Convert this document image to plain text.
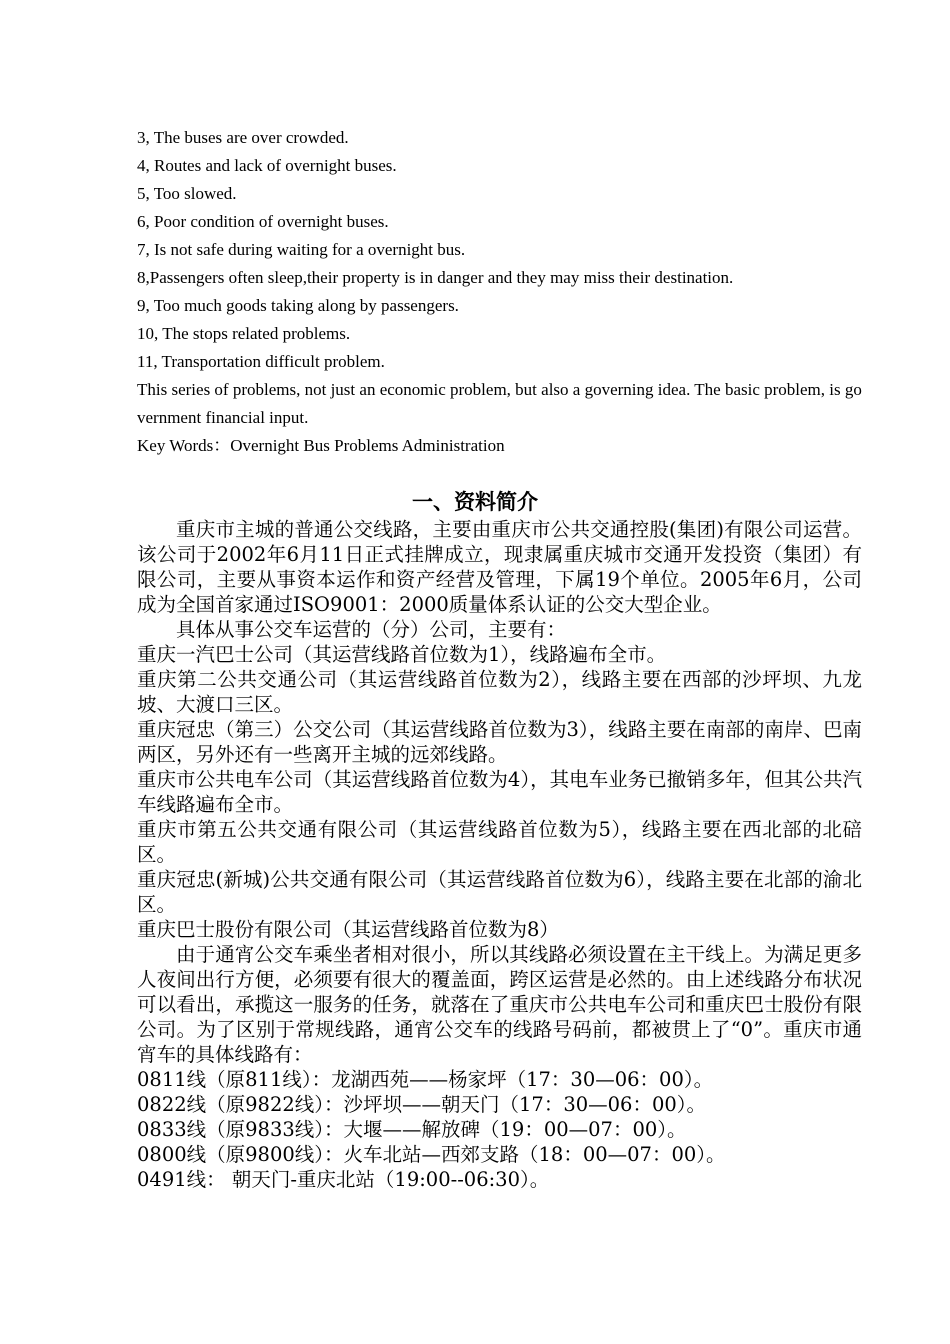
3, The buses are over crowded.

4, Routes and lack of overnight buses.

5, Too slowed.

6, Poor condition of overnight buses.

7, Is not safe during waiting for a overnight bus.

8,Passengers often sleep,their property is in danger and they may miss their destination.

9, Too much goods taking along by passengers.

10, The stops related problems.

11, Transportation difficult problem.

This series of problems, not just an economic problem, but also a governing idea. The basic problem, is government financial input.

Key Words：Overnight Bus Problems Administration

一、资料简介

重庆市主城的普通公交线路，主要由重庆市公共交通控股(集团)有限公司运营。该公司于2002年6月11日正式挂牌成立，现隶属重庆城市交通开发投资（集团）有限公司，主要从事资本运作和资产经营及管理，下属19个单位。2005年6月，公司成为全国首家通过ISO9001：2000质量体系认证的公交大型企业。

具体从事公交车运营的（分）公司，主要有：

重庆一汽巴士公司（其运营线路首位数为1），线路遍布全市。

重庆第二公共交通公司（其运营线路首位数为2），线路主要在西部的沙坪坝、九龙坡、大渡口三区。

重庆冠忠（第三）公交公司（其运营线路首位数为3），线路主要在南部的南岸、巴南两区，另外还有一些离开主城的远郊线路。

重庆市公共电车公司（其运营线路首位数为4），其电车业务已撤销多年，但其公共汽车线路遍布全市。

重庆市第五公共交通有限公司（其运营线路首位数为5），线路主要在西北部的北碚区。

重庆冠忠(新城)公共交通有限公司（其运营线路首位数为6），线路主要在北部的渝北区。

重庆巴士股份有限公司（其运营线路首位数为8）

由于通宵公交车乘坐者相对很小，所以其线路必须设置在主干线上。为满足更多人夜间出行方便，必须要有很大的覆盖面，跨区运营是必然的。由上述线路分布状况可以看出，承揽这一服务的任务，就落在了重庆市公共电车公司和重庆巴士股份有限公司。为了区别于常规线路，通宵公交车的线路号码前，都被贯上了“0”。重庆市通宵车的具体线路有：

0811线（原811线）：龙湖西苑——杨家坪（17：30—06：00）。

0822线（原9822线）：沙坪坝——朝天门（17：30—06：00）。

0833线（原9833线）：大堰——解放碑（19：00—07：00）。

0800线（原9800线）：火车北站—西郊支路（18：00—07：00）。

0491线： 朝天门-重庆北站（19:00--06:30）。
